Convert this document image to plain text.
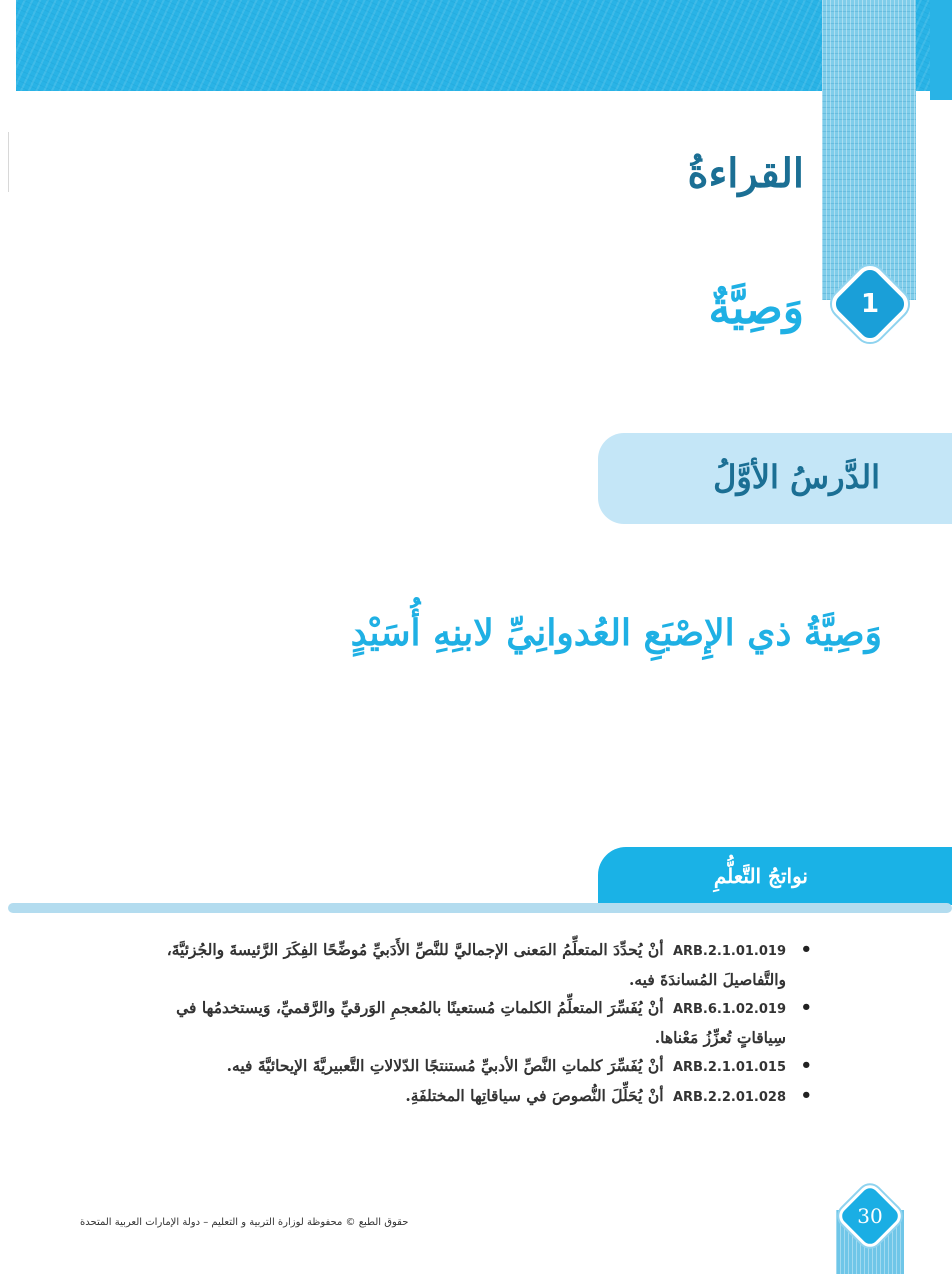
القراءةُ
1
وَصِيَّةٌ
الدَّرسُ الأوَّلُ
وَصِيَّةُ ذي الإِصْبَعِ العُدوانِيِّ لابنِهِ أُسَيْدٍ
نواتجُ التَّعلُّمِ
•
ARB.2.1.01.019 أنْ يُحدِّدَ المتعلِّمُ المَعنى الإجماليَّ للنَّصِّ الأَدَبيِّ مُوضِّحًا الفِكَرَ الرَّئيسةَ والجُزئيَّةَ، والتَّفاصيلَ المُساندَةَ فيه.
•
ARB.6.1.02.019 أنْ يُفَسِّرَ المتعلِّمُ الكلماتِ مُستعينًا بالمُعجمِ الوَرقيِّ والرَّقميِّ، وَيستخدمُها في سِياقاتٍ تُعزِّزُ مَعْناها.
•
ARB.2.1.01.015 أنْ يُفَسِّرَ كلماتِ النَّصِّ الأدبيِّ مُستنتجًا الدّلالاتِ التَّعبيريَّةَ الإيحائيَّةَ فيه.
•
ARB.2.2.01.028 أنْ يُحَلِّلَ النُّصوصَ في سياقاتِها المختلفَةِ.

حقوق الطبع © محفوظة لوزارة التربية و التعليم – دولة الإمارات العربية المتحدة	30
